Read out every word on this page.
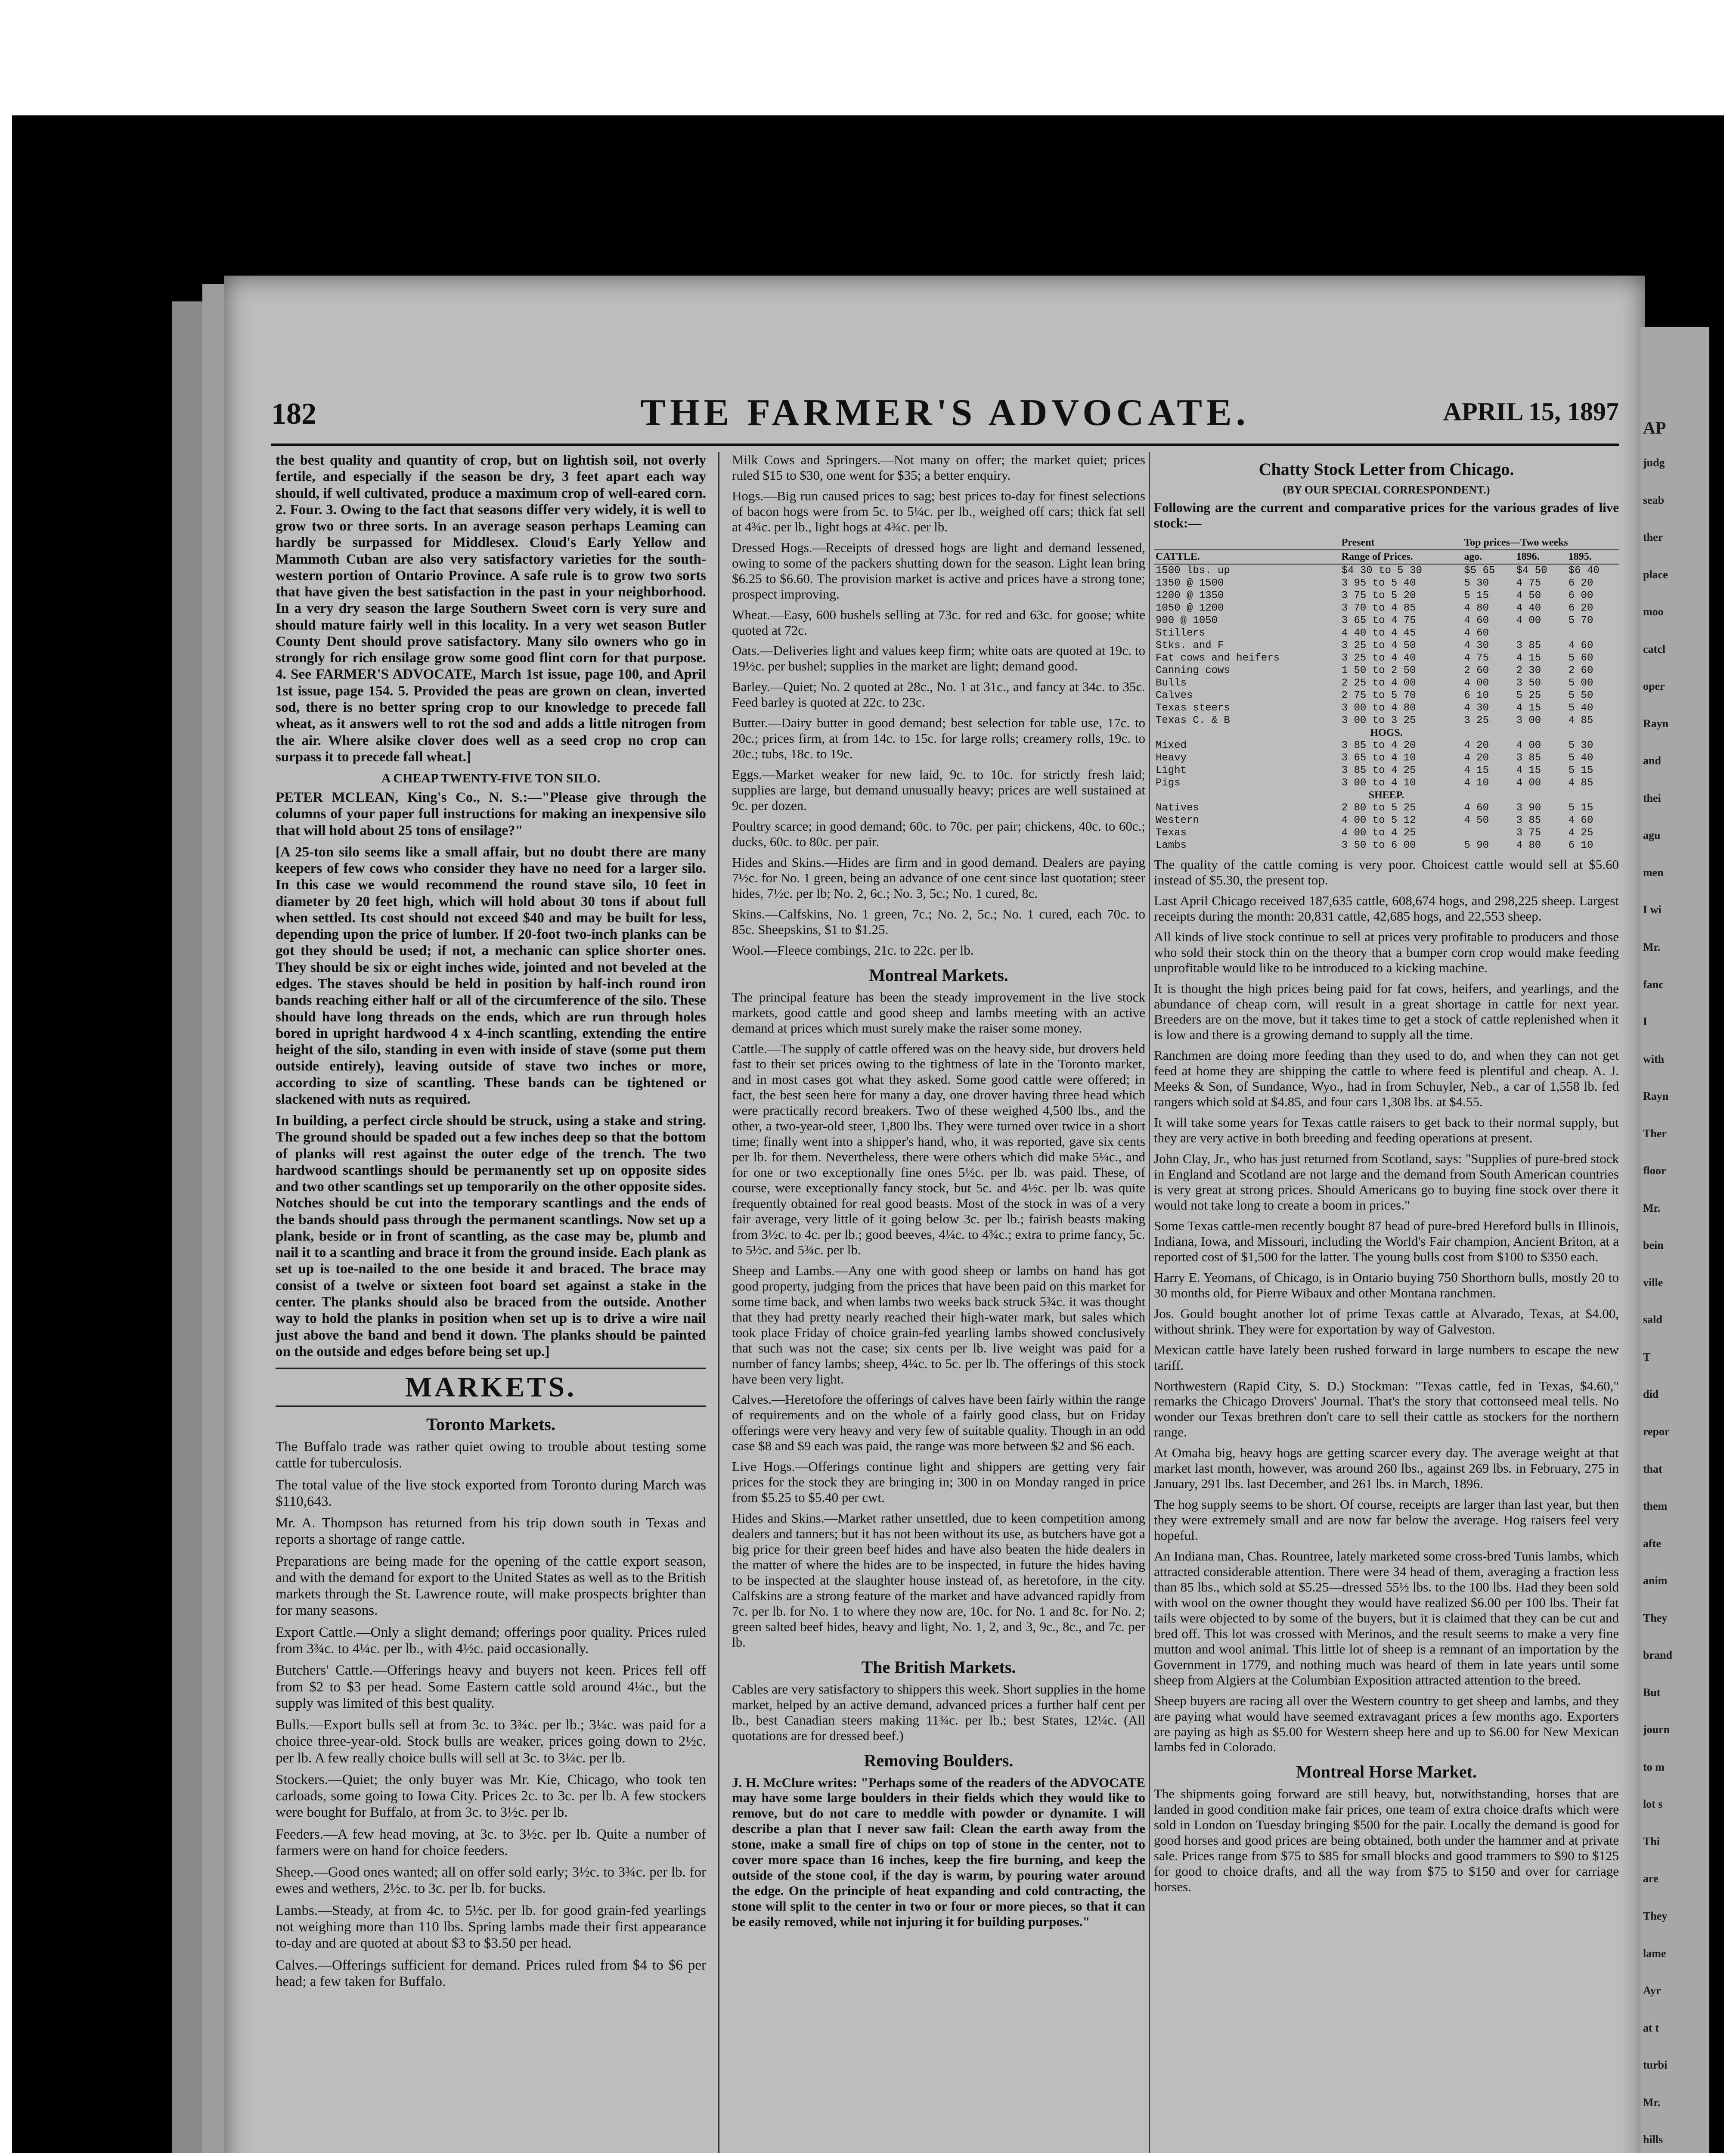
AP
judg
seab
ther
place
moo
catcl
oper
Rayn
and
thei
agu
men
I wi
Mr.
fanc
I
with
Rayn
Ther
floor
Mr.
bein
ville
sald
T
did
repor
that
them
afte
anim
They
brand
But
journ
to m
lot s
Thi
are
They
lame
Ayr
at t
turbi
Mr.
hills
THE FARMER'S ADVOCATE.
182	APRIL 15, 1897

the best quality and quantity of crop, but on lightish soil, not overly fertile, and especially if the season be dry, 3 feet apart each way should, if well cultivated, produce a maximum crop of well-eared corn. 2. Four. 3. Owing to the fact that seasons differ very widely, it is well to grow two or three sorts. In an average season perhaps Leaming can hardly be surpassed for Middlesex. Cloud's Early Yellow and Mammoth Cuban are also very satisfactory varieties for the south-western portion of Ontario Province. A safe rule is to grow two sorts that have given the best satisfaction in the past in your neighborhood. In a very dry season the large Southern Sweet corn is very sure and should mature fairly well in this locality. In a very wet season Butler County Dent should prove satisfactory. Many silo owners who go in strongly for rich ensilage grow some good flint corn for that purpose. 4. See FARMER'S ADVOCATE, March 1st issue, page 100, and April 1st issue, page 154. 5. Provided the peas are grown on clean, inverted sod, there is no better spring crop to our knowledge to precede fall wheat, as it answers well to rot the sod and adds a little nitrogen from the air. Where alsike clover does well as a seed crop no crop can surpass it to precede fall wheat.]

A CHEAP TWENTY-FIVE TON SILO.

PETER MCLEAN, King's Co., N. S.:—"Please give through the columns of your paper full instructions for making an inexpensive silo that will hold about 25 tons of ensilage?"

[A 25-ton silo seems like a small affair, but no doubt there are many keepers of few cows who consider they have no need for a larger silo. In this case we would recommend the round stave silo, 10 feet in diameter by 20 feet high, which will hold about 30 tons if about full when settled. Its cost should not exceed $40 and may be built for less, depending upon the price of lumber. If 20-foot two-inch planks can be got they should be used; if not, a mechanic can splice shorter ones. They should be six or eight inches wide, jointed and not beveled at the edges. The staves should be held in position by half-inch round iron bands reaching either half or all of the circumference of the silo. These should have long threads on the ends, which are run through holes bored in upright hardwood 4 x 4-inch scantling, extending the entire height of the silo, standing in even with inside of stave (some put them outside entirely), leaving outside of stave two inches or more, according to size of scantling. These bands can be tightened or slackened with nuts as required.

In building, a perfect circle should be struck, using a stake and string. The ground should be spaded out a few inches deep so that the bottom of planks will rest against the outer edge of the trench. The two hardwood scantlings should be permanently set up on opposite sides and two other scantlings set up temporarily on the other opposite sides. Notches should be cut into the temporary scantlings and the ends of the bands should pass through the permanent scantlings. Now set up a plank, beside or in front of scantling, as the case may be, plumb and nail it to a scantling and brace it from the ground inside. Each plank as set up is toe-nailed to the one beside it and braced. The brace may consist of a twelve or sixteen foot board set against a stake in the center. The planks should also be braced from the outside. Another way to hold the planks in position when set up is to drive a wire nail just above the band and bend it down. The planks should be painted on the outside and edges before being set up.]

MARKETS.
Toronto Markets.

The Buffalo trade was rather quiet owing to trouble about testing some cattle for tuberculosis.

The total value of the live stock exported from Toronto during March was $110,643.

Mr. A. Thompson has returned from his trip down south in Texas and reports a shortage of range cattle.

Preparations are being made for the opening of the cattle export season, and with the demand for export to the United States as well as to the British markets through the St. Lawrence route, will make prospects brighter than for many seasons.

Export Cattle.—Only a slight demand; offerings poor quality. Prices ruled from 3¾c. to 4¼c. per lb., with 4½c. paid occasionally.

Butchers' Cattle.—Offerings heavy and buyers not keen. Prices fell off from $2 to $3 per head. Some Eastern cattle sold around 4¼c., but the supply was limited of this best quality.

Bulls.—Export bulls sell at from 3c. to 3¾c. per lb.; 3¼c. was paid for a choice three-year-old. Stock bulls are weaker, prices going down to 2½c. per lb. A few really choice bulls will sell at 3c. to 3¼c. per lb.

Stockers.—Quiet; the only buyer was Mr. Kie, Chicago, who took ten carloads, some going to Iowa City. Prices 2c. to 3c. per lb. A few stockers were bought for Buffalo, at from 3c. to 3½c. per lb.

Feeders.—A few head moving, at 3c. to 3½c. per lb. Quite a number of farmers were on hand for choice feeders.

Sheep.—Good ones wanted; all on offer sold early; 3½c. to 3¾c. per lb. for ewes and wethers, 2½c. to 3c. per lb. for bucks.

Lambs.—Steady, at from 4c. to 5½c. per lb. for good grain-fed yearlings not weighing more than 110 lbs. Spring lambs made their first appearance to-day and are quoted at about $3 to $3.50 per head.

Calves.—Offerings sufficient for demand. Prices ruled from $4 to $6 per head; a few taken for Buffalo.

Milk Cows and Springers.—Not many on offer; the market quiet; prices ruled $15 to $30, one went for $35; a better enquiry.

Hogs.—Big run caused prices to sag; best prices to-day for finest selections of bacon hogs were from 5c. to 5¼c. per lb., weighed off cars; thick fat sell at 4¾c. per lb., light hogs at 4¾c. per lb.

Dressed Hogs.—Receipts of dressed hogs are light and demand lessened, owing to some of the packers shutting down for the season. Light lean bring $6.25 to $6.60. The provision market is active and prices have a strong tone; prospect improving.

Wheat.—Easy, 600 bushels selling at 73c. for red and 63c. for goose; white quoted at 72c.

Oats.—Deliveries light and values keep firm; white oats are quoted at 19c. to 19½c. per bushel; supplies in the market are light; demand good.

Barley.—Quiet; No. 2 quoted at 28c., No. 1 at 31c., and fancy at 34c. to 35c. Feed barley is quoted at 22c. to 23c.

Butter.—Dairy butter in good demand; best selection for table use, 17c. to 20c.; prices firm, at from 14c. to 15c. for large rolls; creamery rolls, 19c. to 20c.; tubs, 18c. to 19c.

Eggs.—Market weaker for new laid, 9c. to 10c. for strictly fresh laid; supplies are large, but demand unusually heavy; prices are well sustained at 9c. per dozen.

Poultry scarce; in good demand; 60c. to 70c. per pair; chickens, 40c. to 60c.; ducks, 60c. to 80c. per pair.

Hides and Skins.—Hides are firm and in good demand. Dealers are paying 7½c. for No. 1 green, being an advance of one cent since last quotation; steer hides, 7½c. per lb; No. 2, 6c.; No. 3, 5c.; No. 1 cured, 8c.

Skins.—Calfskins, No. 1 green, 7c.; No. 2, 5c.; No. 1 cured, each 70c. to 85c. Sheepskins, $1 to $1.25.

Wool.—Fleece combings, 21c. to 22c. per lb.

Montreal Markets.

The principal feature has been the steady improvement in the live stock markets, good cattle and good sheep and lambs meeting with an active demand at prices which must surely make the raiser some money.

Cattle.—The supply of cattle offered was on the heavy side, but drovers held fast to their set prices owing to the tightness of late in the Toronto market, and in most cases got what they asked. Some good cattle were offered; in fact, the best seen here for many a day, one drover having three head which were practically record breakers. Two of these weighed 4,500 lbs., and the other, a two-year-old steer, 1,800 lbs. They were turned over twice in a short time; finally went into a shipper's hand, who, it was reported, gave six cents per lb. for them. Nevertheless, there were others which did make 5¼c., and for one or two exceptionally fine ones 5½c. per lb. was paid. These, of course, were exceptionally fancy stock, but 5c. and 4½c. per lb. was quite frequently obtained for real good beasts. Most of the stock in was of a very fair average, very little of it going below 3c. per lb.; fairish beasts making from 3½c. to 4c. per lb.; good beeves, 4¼c. to 4¾c.; extra to prime fancy, 5c. to 5½c. and 5¾c. per lb.

Sheep and Lambs.—Any one with good sheep or lambs on hand has got good property, judging from the prices that have been paid on this market for some time back, and when lambs two weeks back struck 5¾c. it was thought that they had pretty nearly reached their high-water mark, but sales which took place Friday of choice grain-fed yearling lambs showed conclusively that such was not the case; six cents per lb. live weight was paid for a number of fancy lambs; sheep, 4¼c. to 5c. per lb. The offerings of this stock have been very light.

Calves.—Heretofore the offerings of calves have been fairly within the range of requirements and on the whole of a fairly good class, but on Friday offerings were very heavy and very few of suitable quality. Though in an odd case $8 and $9 each was paid, the range was more between $2 and $6 each.

Live Hogs.—Offerings continue light and shippers are getting very fair prices for the stock they are bringing in; 300 in on Monday ranged in price from $5.25 to $5.40 per cwt.

Hides and Skins.—Market rather unsettled, due to keen competition among dealers and tanners; but it has not been without its use, as butchers have got a big price for their green beef hides and have also beaten the hide dealers in the matter of where the hides are to be inspected, in future the hides having to be inspected at the slaughter house instead of, as heretofore, in the city. Calfskins are a strong feature of the market and have advanced rapidly from 7c. per lb. for No. 1 to where they now are, 10c. for No. 1 and 8c. for No. 2; green salted beef hides, heavy and light, No. 1, 2, and 3, 9c., 8c., and 7c. per lb.

The British Markets.

Cables are very satisfactory to shippers this week. Short supplies in the home market, helped by an active demand, advanced prices a further half cent per lb., best Canadian steers making 11¾c. per lb.; best States, 12¼c. (All quotations are for dressed beef.)

Removing Boulders.

J. H. McClure writes: "Perhaps some of the readers of the ADVOCATE may have some large boulders in their fields which they would like to remove, but do not care to meddle with powder or dynamite. I will describe a plan that I never saw fail: Clean the earth away from the stone, make a small fire of chips on top of stone in the center, not to cover more space than 16 inches, keep the fire burning, and keep the outside of the stone cool, if the day is warm, by pouring water around the edge. On the principle of heat expanding and cold contracting, the stone will split to the center in two or four or more pieces, so that it can be easily removed, while not injuring it for building purposes."

Chatty Stock Letter from Chicago.
(BY OUR SPECIAL CORRESPONDENT.)

Following are the current and comparative prices for the various grades of live stock:—

	Present	Top prices—Two weeks		
CATTLE.	Range of Prices.	ago.	1896.	1895.
1500 lbs. up	$4 30 to 5 30	$5 65	$4 50	$6 40
1350 @ 1500	3 95 to 5 40	5 30	4 75	6 20
1200 @ 1350	3 75 to 5 20	5 15	4 50	6 00
1050 @ 1200	3 70 to 4 85	4 80	4 40	6 20
900 @ 1050	3 65 to 4 75	4 60	4 00	5 70
Stillers	4 40 to 4 45	4 60		
Stks. and F	3 25 to 4 50	4 30	3 85	4 60
Fat cows and heifers	3 25 to 4 40	4 75	4 15	5 60
Canning cows	1 50 to 2 50	2 60	2 30	2 60
Bulls	2 25 to 4 00	4 00	3 50	5 00
Calves	2 75 to 5 70	6 10	5 25	5 50
Texas steers	3 00 to 4 80	4 30	4 15	5 40
Texas C. & B	3 00 to 3 25	3 25	3 00	4 85
HOGS.				
Mixed	3 85 to 4 20	4 20	4 00	5 30
Heavy	3 65 to 4 10	4 20	3 85	5 40
Light	3 85 to 4 25	4 15	4 15	5 15
Pigs	3 00 to 4 10	4 10	4 00	4 85
SHEEP.				
Natives	2 80 to 5 25	4 60	3 90	5 15
Western	4 00 to 5 12	4 50	3 85	4 60
Texas	4 00 to 4 25		3 75	4 25
Lambs	3 50 to 6 00	5 90	4 80	6 10

The quality of the cattle coming is very poor. Choicest cattle would sell at $5.60 instead of $5.30, the present top.

Last April Chicago received 187,635 cattle, 608,674 hogs, and 298,225 sheep. Largest receipts during the month: 20,831 cattle, 42,685 hogs, and 22,553 sheep.

All kinds of live stock continue to sell at prices very profitable to producers and those who sold their stock thin on the theory that a bumper corn crop would make feeding unprofitable would like to be introduced to a kicking machine.

It is thought the high prices being paid for fat cows, heifers, and yearlings, and the abundance of cheap corn, will result in a great shortage in cattle for next year. Breeders are on the move, but it takes time to get a stock of cattle replenished when it is low and there is a growing demand to supply all the time.

Ranchmen are doing more feeding than they used to do, and when they can not get feed at home they are shipping the cattle to where feed is plentiful and cheap. A. J. Meeks & Son, of Sundance, Wyo., had in from Schuyler, Neb., a car of 1,558 lb. fed rangers which sold at $4.85, and four cars 1,308 lbs. at $4.55.

It will take some years for Texas cattle raisers to get back to their normal supply, but they are very active in both breeding and feeding operations at present.

John Clay, Jr., who has just returned from Scotland, says: "Supplies of pure-bred stock in England and Scotland are not large and the demand from South American countries is very great at strong prices. Should Americans go to buying fine stock over there it would not take long to create a boom in prices."

Some Texas cattle-men recently bought 87 head of pure-bred Hereford bulls in Illinois, Indiana, Iowa, and Missouri, including the World's Fair champion, Ancient Briton, at a reported cost of $1,500 for the latter. The young bulls cost from $100 to $350 each.

Harry E. Yeomans, of Chicago, is in Ontario buying 750 Shorthorn bulls, mostly 20 to 30 months old, for Pierre Wibaux and other Montana ranchmen.

Jos. Gould bought another lot of prime Texas cattle at Alvarado, Texas, at $4.00, without shrink. They were for exportation by way of Galveston.

Mexican cattle have lately been rushed forward in large numbers to escape the new tariff.

Northwestern (Rapid City, S. D.) Stockman: "Texas cattle, fed in Texas, $4.60," remarks the Chicago Drovers' Journal. That's the story that cottonseed meal tells. No wonder our Texas brethren don't care to sell their cattle as stockers for the northern range.

At Omaha big, heavy hogs are getting scarcer every day. The average weight at that market last month, however, was around 260 lbs., against 269 lbs. in February, 275 in January, 291 lbs. last December, and 261 lbs. in March, 1896.

The hog supply seems to be short. Of course, receipts are larger than last year, but then they were extremely small and are now far below the average. Hog raisers feel very hopeful.

An Indiana man, Chas. Rountree, lately marketed some cross-bred Tunis lambs, which attracted considerable attention. There were 34 head of them, averaging a fraction less than 85 lbs., which sold at $5.25—dressed 55½ lbs. to the 100 lbs. Had they been sold with wool on the owner thought they would have realized $6.00 per 100 lbs. Their fat tails were objected to by some of the buyers, but it is claimed that they can be cut and bred off. This lot was crossed with Merinos, and the result seems to make a very fine mutton and wool animal. This little lot of sheep is a remnant of an importation by the Government in 1779, and nothing much was heard of them in late years until some sheep from Algiers at the Columbian Exposition attracted attention to the breed.

Sheep buyers are racing all over the Western country to get sheep and lambs, and they are paying what would have seemed extravagant prices a few months ago. Exporters are paying as high as $5.00 for Western sheep here and up to $6.00 for New Mexican lambs fed in Colorado.

Montreal Horse Market.

The shipments going forward are still heavy, but, notwithstanding, horses that are landed in good condition make fair prices, one team of extra choice drafts which were sold in London on Tuesday bringing $500 for the pair. Locally the demand is good for good horses and good prices are being obtained, both under the hammer and at private sale. Prices range from $75 to $85 for small blocks and good trammers to $90 to $125 for good to choice drafts, and all the way from $75 to $150 and over for carriage horses.
